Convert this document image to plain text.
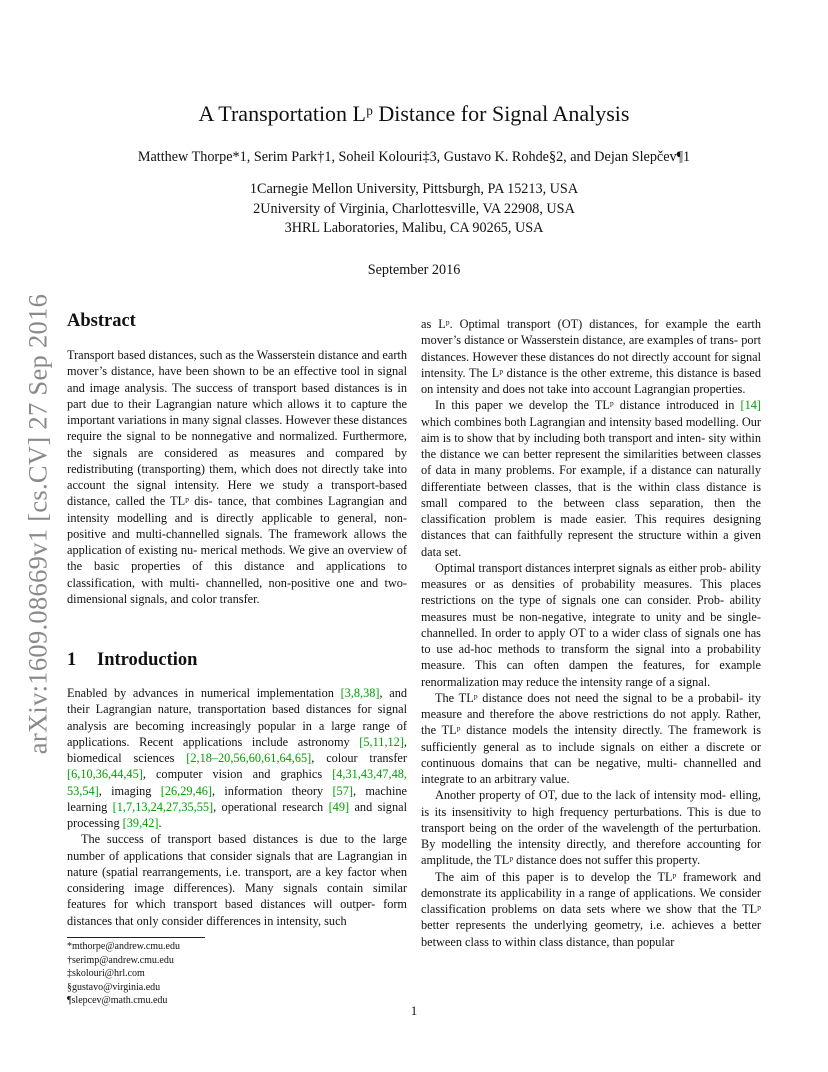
arXiv:1609.08669v1 [cs.CV] 27 Sep 2016
A Transportation Lᵖ Distance for Signal Analysis
Matthew Thorpe*1, Serim Park†1, Soheil Kolouri‡3, Gustavo K. Rohde§2, and Dejan Slepčev¶1
1Carnegie Mellon University, Pittsburgh, PA 15213, USA
2University of Virginia, Charlottesville, VA 22908, USA
3HRL Laboratories, Malibu, CA 90265, USA
September 2016
Abstract

Transport based distances, such as the Wasserstein distance and earth mover’s distance, have been shown to be an effective tool in signal and image analysis. The success of transport based distances is in part due to their Lagrangian nature which allows it to capture the important variations in many signal classes. However these distances require the signal to be nonnegative and normalized. Furthermore, the signals are considered as measures and compared by redistributing (transporting) them, which does not directly take into account the signal intensity. Here we study a transport-based distance, called the TLᵖ dis- tance, that combines Lagrangian and intensity modelling and is directly applicable to general, non-positive and multi-channelled signals. The framework allows the application of existing nu- merical methods. We give an overview of the basic properties of this distance and applications to classification, with multi- channelled, non-positive one and two-dimensional signals, and color transfer.

1 Introduction

Enabled by advances in numerical implementation [3,8,38], and their Lagrangian nature, transportation based distances for signal analysis are becoming increasingly popular in a large range of applications. Recent applications include astronomy [5,11,12], biomedical sciences [2,18–20,56,60,61,64,65], colour transfer [6,10,36,44,45], computer vision and graphics [4,31,43,47,48, 53,54], imaging [26,29,46], information theory [57], machine learning [1,7,13,24,27,35,55], operational research [49] and signal processing [39,42].

The success of transport based distances is due to the large number of applications that consider signals that are Lagrangian in nature (spatial rearrangements, i.e. transport, are a key factor when considering image differences). Many signals contain similar features for which transport based distances will outper- form distances that only consider differences in intensity, such

as Lᵖ. Optimal transport (OT) distances, for example the earth mover’s distance or Wasserstein distance, are examples of trans- port distances. However these distances do not directly account for signal intensity. The Lᵖ distance is the other extreme, this distance is based on intensity and does not take into account Lagrangian properties.

In this paper we develop the TLᵖ distance introduced in [14] which combines both Lagrangian and intensity based modelling. Our aim is to show that by including both transport and inten- sity within the distance we can better represent the similarities between classes of data in many problems. For example, if a distance can naturally differentiate between classes, that is the within class distance is small compared to the between class separation, then the classification problem is made easier. This requires designing distances that can faithfully represent the structure within a given data set.

Optimal transport distances interpret signals as either prob- ability measures or as densities of probability measures. This places restrictions on the type of signals one can consider. Prob- ability measures must be non-negative, integrate to unity and be single-channelled. In order to apply OT to a wider class of signals one has to use ad-hoc methods to transform the signal into a probability measure. This can often dampen the features, for example renormalization may reduce the intensity range of a signal.

The TLᵖ distance does not need the signal to be a probabil- ity measure and therefore the above restrictions do not apply. Rather, the TLᵖ distance models the intensity directly. The framework is sufficiently general as to include signals on either a discrete or continuous domains that can be negative, multi- channelled and integrate to an arbitrary value.

Another property of OT, due to the lack of intensity mod- elling, is its insensitivity to high frequency perturbations. This is due to transport being on the order of the wavelength of the perturbation. By modelling the intensity directly, and therefore accounting for amplitude, the TLᵖ distance does not suffer this property.

The aim of this paper is to develop the TLᵖ framework and demonstrate its applicability in a range of applications. We consider classification problems on data sets where we show that the TLᵖ better represents the underlying geometry, i.e. achieves a better between class to within class distance, than popular

*mthorpe@andrew.cmu.edu
†serimp@andrew.cmu.edu
‡skolouri@hrl.com
§gustavo@virginia.edu
¶slepcev@math.cmu.edu
1
